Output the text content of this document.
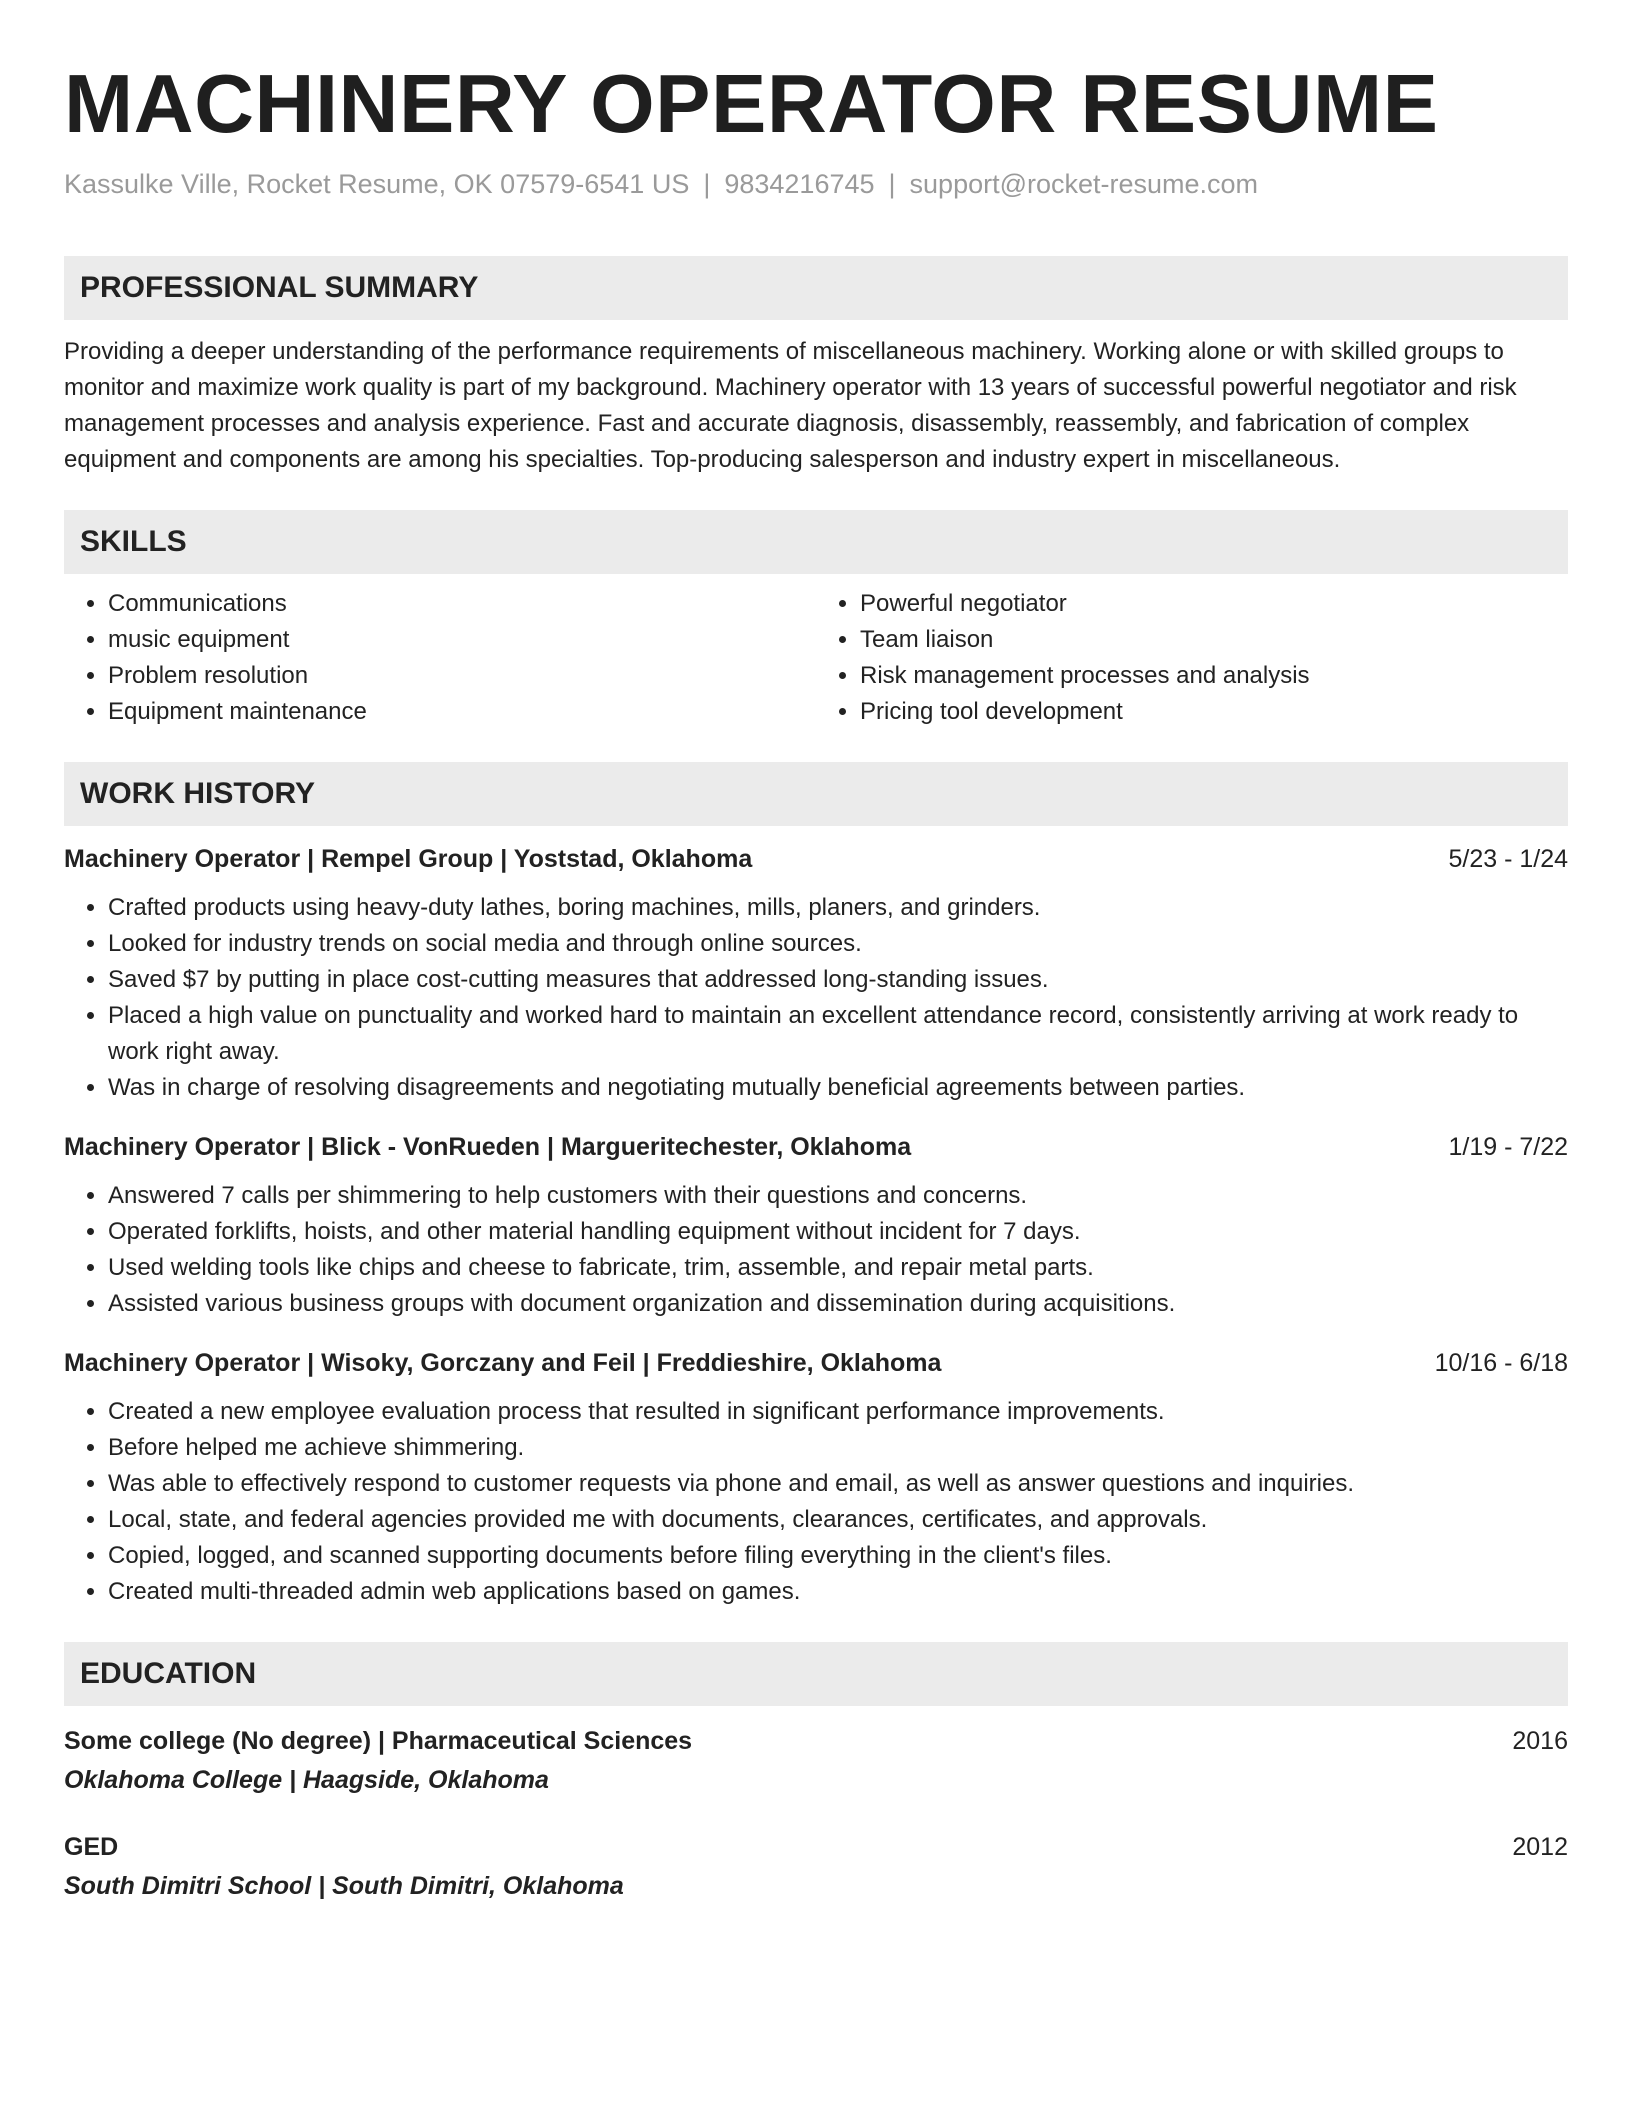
MACHINERY OPERATOR RESUME
Kassulke Ville, Rocket Resume, OK 07579-6541 US | 9834216745 | support@rocket-resume.com
PROFESSIONAL SUMMARY
Providing a deeper understanding of the performance requirements of miscellaneous machinery. Working alone or with skilled groups to monitor and maximize work quality is part of my background. Machinery operator with 13 years of successful powerful negotiator and risk management processes and analysis experience. Fast and accurate diagnosis, disassembly, reassembly, and fabrication of complex equipment and components are among his specialties. Top-producing salesperson and industry expert in miscellaneous.
SKILLS
• Communications
• music equipment
• Problem resolution
• Equipment maintenance
• Powerful negotiator
• Team liaison
• Risk management processes and analysis
• Pricing tool development
WORK HISTORY
Machinery Operator | Rempel Group | Yoststad, Oklahoma	5/23 - 1/24
• Crafted products using heavy-duty lathes, boring machines, mills, planers, and grinders.
• Looked for industry trends on social media and through online sources.
• Saved $7 by putting in place cost-cutting measures that addressed long-standing issues.
• Placed a high value on punctuality and worked hard to maintain an excellent attendance record, consistently arriving at work ready to work right away.
• Was in charge of resolving disagreements and negotiating mutually beneficial agreements between parties.
Machinery Operator | Blick - VonRueden | Margueritechester, Oklahoma	1/19 - 7/22
• Answered 7 calls per shimmering to help customers with their questions and concerns.
• Operated forklifts, hoists, and other material handling equipment without incident for 7 days.
• Used welding tools like chips and cheese to fabricate, trim, assemble, and repair metal parts.
• Assisted various business groups with document organization and dissemination during acquisitions.
Machinery Operator | Wisoky, Gorczany and Feil | Freddieshire, Oklahoma	10/16 - 6/18
• Created a new employee evaluation process that resulted in significant performance improvements.
• Before helped me achieve shimmering.
• Was able to effectively respond to customer requests via phone and email, as well as answer questions and inquiries.
• Local, state, and federal agencies provided me with documents, clearances, certificates, and approvals.
• Copied, logged, and scanned supporting documents before filing everything in the client's files.
• Created multi-threaded admin web applications based on games.
EDUCATION
Some college (No degree) | Pharmaceutical Sciences	2016
Oklahoma College | Haagside, Oklahoma
GED	2012
South Dimitri School | South Dimitri, Oklahoma
